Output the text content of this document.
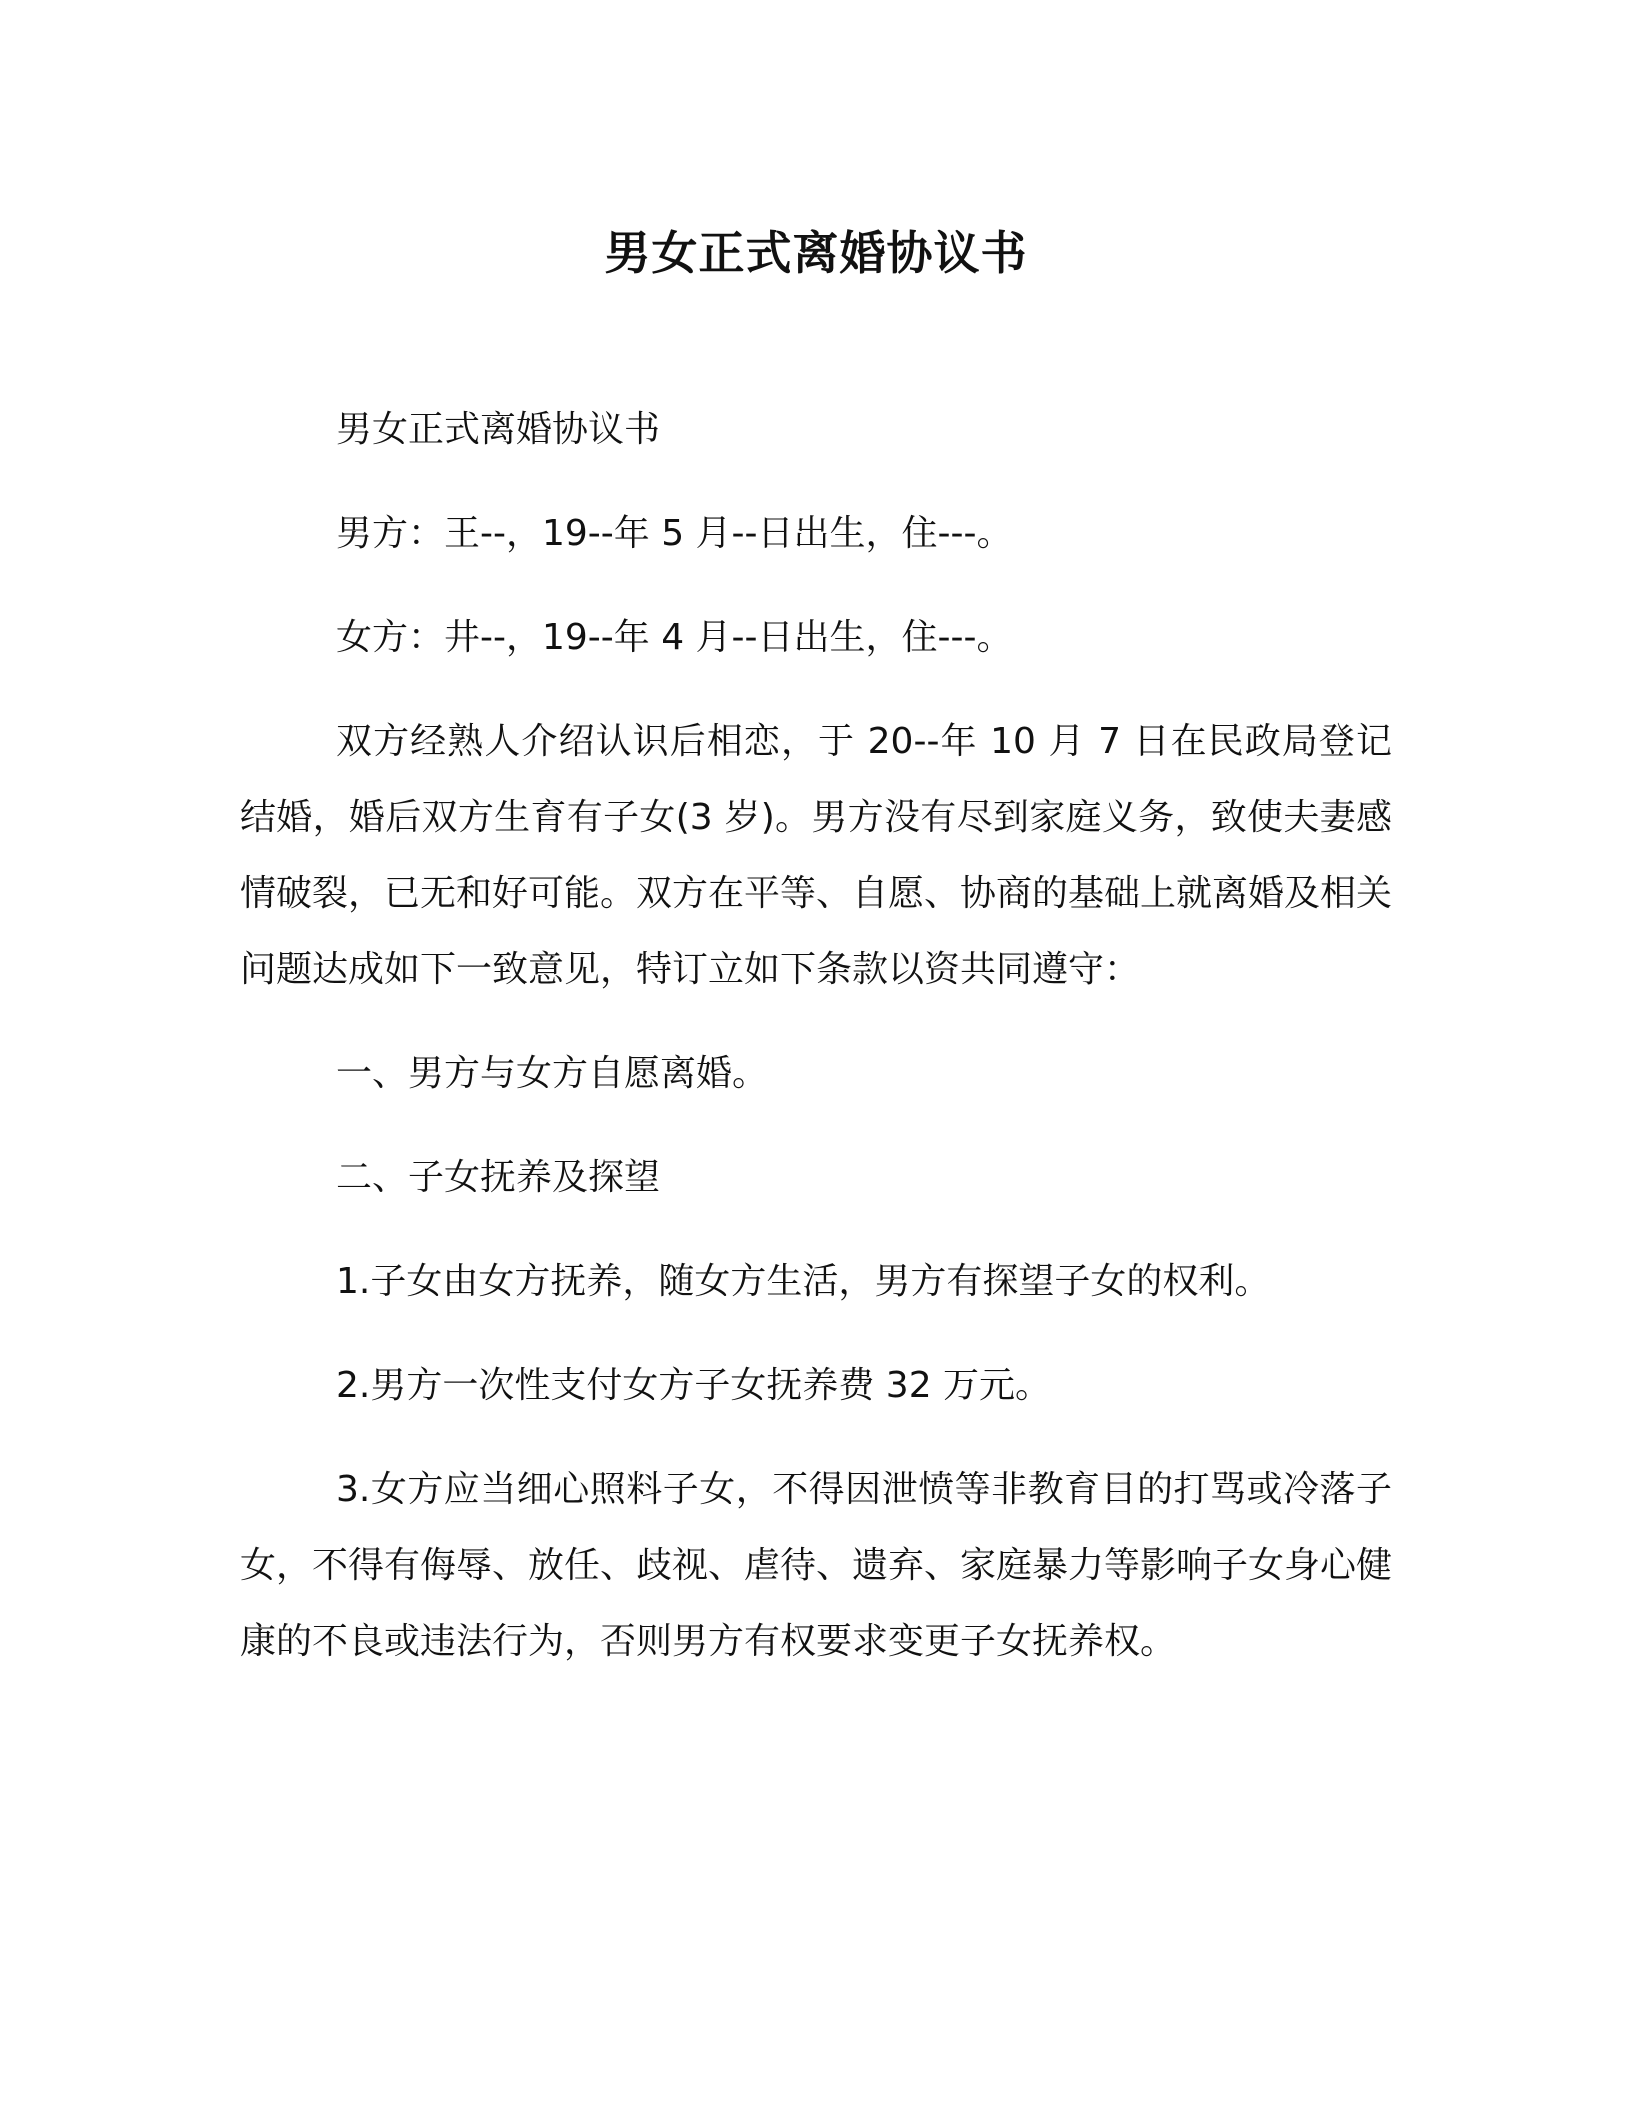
男女正式离婚协议书

男女正式离婚协议书

男方：王--，19--年 5 月--日出生，住---。

女方：井--，19--年 4 月--日出生，住---。

双方经熟人介绍认识后相恋，于 20--年 10 月 7 日在民政局登记结婚，婚后双方生育有子女(3 岁)。男方没有尽到家庭义务，致使夫妻感情破裂，已无和好可能。双方在平等、自愿、协商的基础上就离婚及相关问题达成如下一致意见，特订立如下条款以资共同遵守：

一、男方与女方自愿离婚。

二、子女抚养及探望

1.子女由女方抚养，随女方生活，男方有探望子女的权利。

2.男方一次性支付女方子女抚养费 32 万元。

3.女方应当细心照料子女，不得因泄愤等非教育目的打骂或冷落子女，不得有侮辱、放任、歧视、虐待、遗弃、家庭暴力等影响子女身心健康的不良或违法行为，否则男方有权要求变更子女抚养权。
